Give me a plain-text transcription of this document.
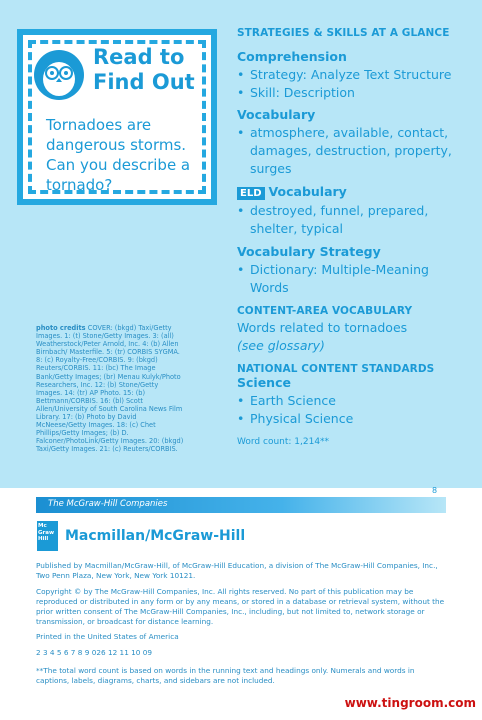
Read to
Find Out
Tornadoes are dangerous storms. Can you describe a tornado?
photo credits COVER: (bkgd) Taxi/Getty Images. 1: (t) Stone/Getty Images. 3: (all) Weatherstock/Peter Arnold, Inc. 4: (b) Allen Birnbach/ Masterfile. 5: (tr) CORBIS SYGMA. 8: (c) Royalty-Free/CORBIS. 9: (bkgd) Reuters/CORBIS. 11: (bc) The Image Bank/Getty Images; (br) Menau Kulyk/Photo Researchers, Inc. 12: (b) Stone/Getty Images. 14: (tr) AP Photo. 15: (b) Bettmann/CORBIS. 16: (bl) Scott Allen/University of South Carolina News Film Library. 17: (b) Photo by David McNeese/Getty Images. 18: (c) Chet Phillips/Getty Images; (b) D. Falconer/PhotoLink/Getty Images. 20: (bkgd) Taxi/Getty Images. 21: (c) Reuters/CORBIS.
STRATEGIES & SKILLS AT A GLANCE
Comprehension
• Strategy: Analyze Text Structure
• Skill: Description
Vocabulary
• atmosphere, available, contact, damages, destruction, property, surges
ELD Vocabulary
• destroyed, funnel, prepared, shelter, typical
Vocabulary Strategy
• Dictionary: Multiple-Meaning Words
CONTENT-AREA VOCABULARY
Words related to tornadoes
(see glossary)
NATIONAL CONTENT STANDARDS
Science
• Earth Science
• Physical Science
Word count: 1,214**
8
The McGraw-Hill Companies
Mc Graw Hill	Macmillan/McGraw-Hill
Published by Macmillan/McGraw-Hill, of McGraw-Hill Education, a division of The McGraw-Hill Companies, Inc., Two Penn Plaza, New York, New York 10121.
Copyright © by The McGraw-Hill Companies, Inc. All rights reserved. No part of this publication may be reproduced or distributed in any form or by any means, or stored in a database or retrieval system, without the prior written consent of The McGraw-Hill Companies, Inc., including, but not limited to, network storage or transmission, or broadcast for distance learning.
Printed in the United States of America
2 3 4 5 6 7 8 9 026 12 11 10 09
**The total word count is based on words in the running text and headings only. Numerals and words in captions, labels, diagrams, charts, and sidebars are not included.
www.tingroom.com
